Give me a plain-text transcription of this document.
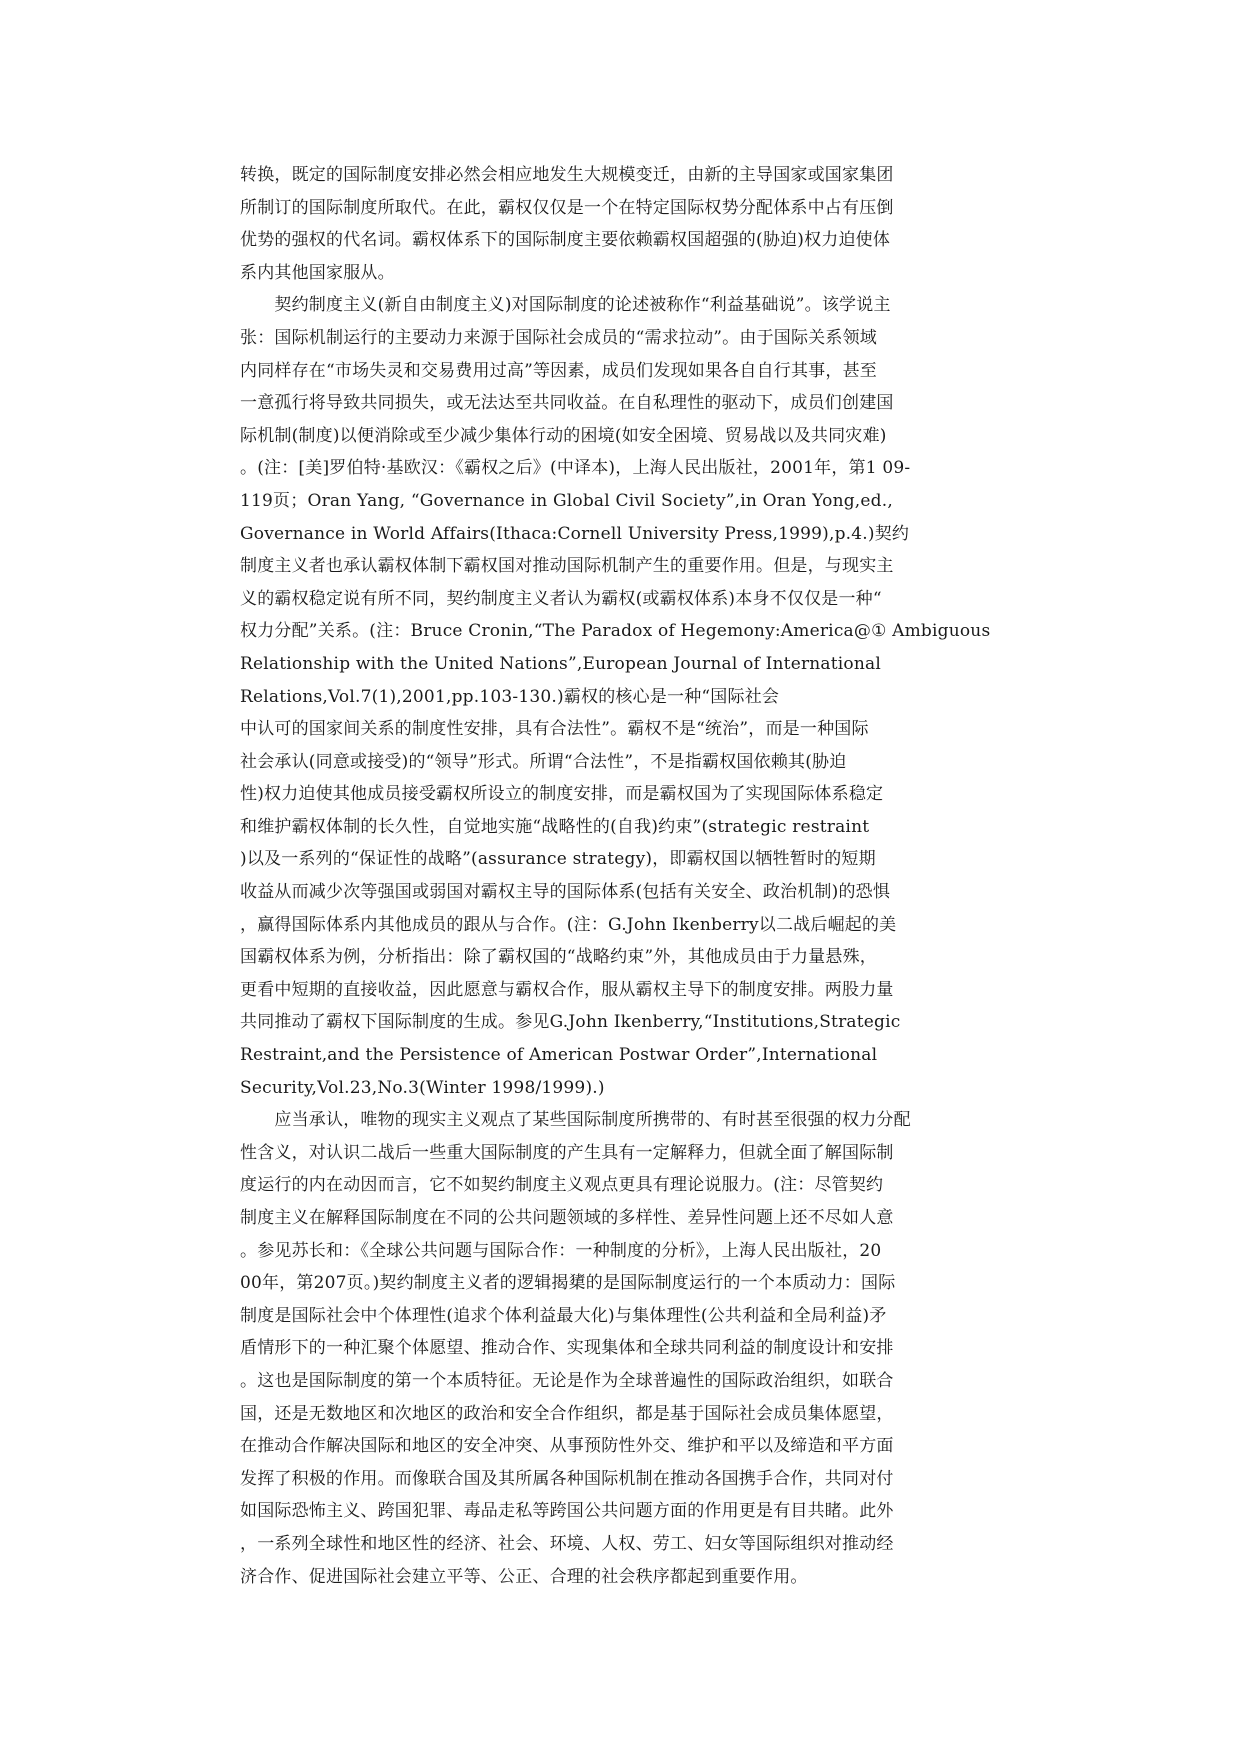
转换，既定的国际制度安排必然会相应地发生大规模变迁，由新的主导国家或国家集团
所制订的国际制度所取代。在此，霸权仅仅是一个在特定国际权势分配体系中占有压倒
优势的强权的代名词。霸权体系下的国际制度主要依赖霸权国超强的(胁迫)权力迫使体
系内其他国家服从。
　　契约制度主义(新自由制度主义)对国际制度的论述被称作“利益基础说”。该学说主
张：国际机制运行的主要动力来源于国际社会成员的“需求拉动”。由于国际关系领域
内同样存在“市场失灵和交易费用过高”等因素，成员们发现如果各自自行其事，甚至
一意孤行将导致共同损失，或无法达至共同收益。在自私理性的驱动下，成员们创建国
际机制(制度)以便消除或至少减少集体行动的困境(如安全困境、贸易战以及共同灾难)
。(注：[美]罗伯特·基欧汉：《霸权之后》(中译本)，上海人民出版社，2001年，第1 09-
119页；Oran Yang, “Governance in Global Civil Society”,in Oran Yong,ed.,
Governance in World Affairs(Ithaca:Cornell University Press,1999),p.4.)契约
制度主义者也承认霸权体制下霸权国对推动国际机制产生的重要作用。但是，与现实主
义的霸权稳定说有所不同，契约制度主义者认为霸权(或霸权体系)本身不仅仅是一种“
权力分配”关系。(注：Bruce Cronin,“The Paradox of Hegemony:America@① Ambiguous
Relationship with the United Nations”,European Journal of International
Relations,Vol.7(1),2001,pp.103-130.)霸权的核心是一种“国际社会
中认可的国家间关系的制度性安排，具有合法性”。霸权不是“统治”，而是一种国际
社会承认(同意或接受)的“领导”形式。所谓“合法性”，不是指霸权国依赖其(胁迫
性)权力迫使其他成员接受霸权所设立的制度安排，而是霸权国为了实现国际体系稳定
和维护霸权体制的长久性，自觉地实施“战略性的(自我)约束”(strategic restraint
)以及一系列的“保证性的战略”(assurance strategy)，即霸权国以牺牲暂时的短期
收益从而减少次等强国或弱国对霸权主导的国际体系(包括有关安全、政治机制)的恐惧
，赢得国际体系内其他成员的跟从与合作。(注：G.John Ikenberry以二战后崛起的美
国霸权体系为例，分析指出：除了霸权国的“战略约束”外，其他成员由于力量悬殊，
更看中短期的直接收益，因此愿意与霸权合作，服从霸权主导下的制度安排。两股力量
共同推动了霸权下国际制度的生成。参见G.John Ikenberry,“Institutions,Strategic
Restraint,and the Persistence of American Postwar Order”,International
Security,Vol.23,No.3(Winter 1998/1999).)
　　应当承认，唯物的现实主义观点了某些国际制度所携带的、有时甚至很强的权力分配
性含义，对认识二战后一些重大国际制度的产生具有一定解释力，但就全面了解国际制
度运行的内在动因而言，它不如契约制度主义观点更具有理论说服力。(注：尽管契约
制度主义在解释国际制度在不同的公共问题领域的多样性、差异性问题上还不尽如人意
。参见苏长和：《全球公共问题与国际合作：一种制度的分析》，上海人民出版社，20
00年，第207页。)契约制度主义者的逻辑揭橥的是国际制度运行的一个本质动力：国际
制度是国际社会中个体理性(追求个体利益最大化)与集体理性(公共利益和全局利益)矛
盾情形下的一种汇聚个体愿望、推动合作、实现集体和全球共同利益的制度设计和安排
。这也是国际制度的第一个本质特征。无论是作为全球普遍性的国际政治组织，如联合
国，还是无数地区和次地区的政治和安全合作组织，都是基于国际社会成员集体愿望，
在推动合作解决国际和地区的安全冲突、从事预防性外交、维护和平以及缔造和平方面
发挥了积极的作用。而像联合国及其所属各种国际机制在推动各国携手合作，共同对付
如国际恐怖主义、跨国犯罪、毒品走私等跨国公共问题方面的作用更是有目共睹。此外
，一系列全球性和地区性的经济、社会、环境、人权、劳工、妇女等国际组织对推动经
济合作、促进国际社会建立平等、公正、合理的社会秩序都起到重要作用。
